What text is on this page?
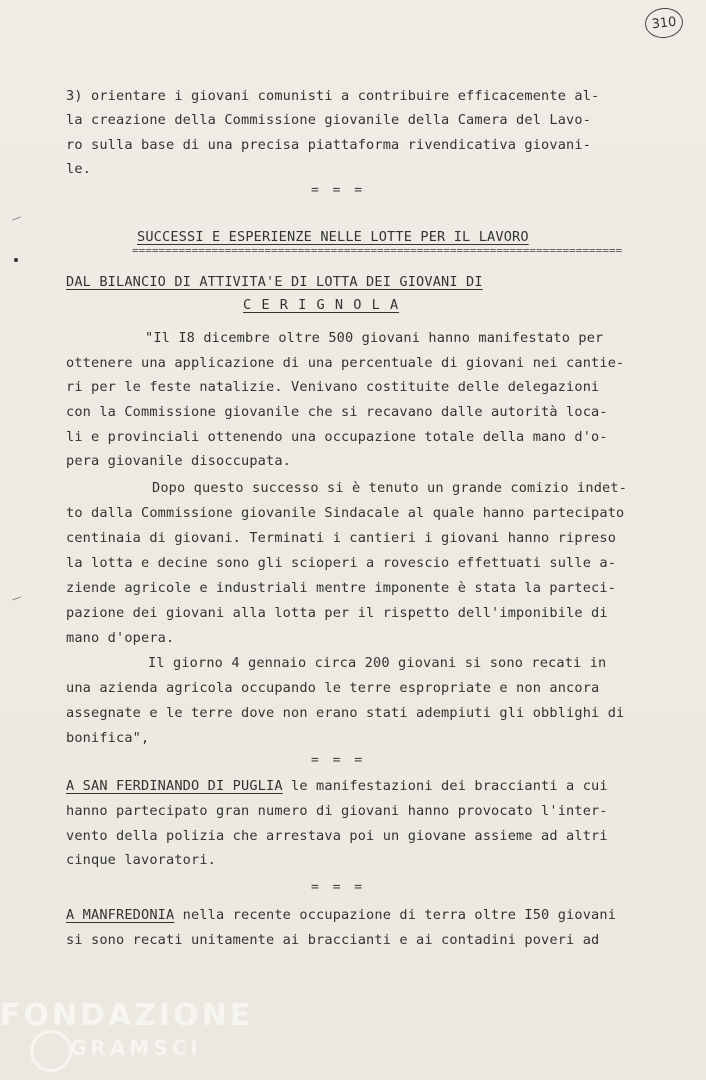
310
3) orientare i giovani comunisti a contribuire efficacemente al-
la creazione della Commissione giovanile della Camera del Lavo-
ro sulla base di una precisa piattaforma rivendicativa giovani-
le.
= = =
SUCCESSI E ESPERIENZE NELLE LOTTE PER IL LAVORO
==========================================================================
DAL BILANCIO DI ATTIVITA'E DI LOTTA DEI GIOVANI DI
C E R I G N O L A
"Il I8 dicembre oltre 500 giovani hanno manifestato per
ottenere una applicazione di una percentuale di giovani nei cantie-
ri per le feste natalizie. Venivano costituite delle delegazioni
con la Commissione giovanile che si recavano dalle autorità loca-
li e provinciali ottenendo una occupazione totale della mano d'o-
pera giovanile disoccupata.
Dopo questo successo si è tenuto un grande comizio indet-
to dalla Commissione giovanile Sindacale al quale hanno partecipato
centinaia di giovani. Terminati i cantieri i giovani hanno ripreso
la lotta e decine sono gli scioperi a rovescio effettuati sulle a-
ziende agricole e industriali mentre imponente è stata la parteci-
pazione dei giovani alla lotta per il rispetto dell'imponibile di
mano d'opera.
Il giorno 4 gennaio circa 200 giovani si sono recati in
una azienda agricola occupando le terre espropriate e non ancora
assegnate e le terre dove non erano stati adempiuti gli obblighi di
bonifica",
= = =
A SAN FERDINANDO DI PUGLIA le manifestazioni dei braccianti a cui
hanno partecipato gran numero di giovani hanno provocato l'inter-
vento della polizia che arrestava poi un giovane assieme ad altri
cinque lavoratori.
= = =
A MANFREDONIA nella recente occupazione di terra oltre I50 giovani
si sono recati unitamente ai braccianti e ai contadini poveri ad
FONDAZIONE
GRAMSCI
